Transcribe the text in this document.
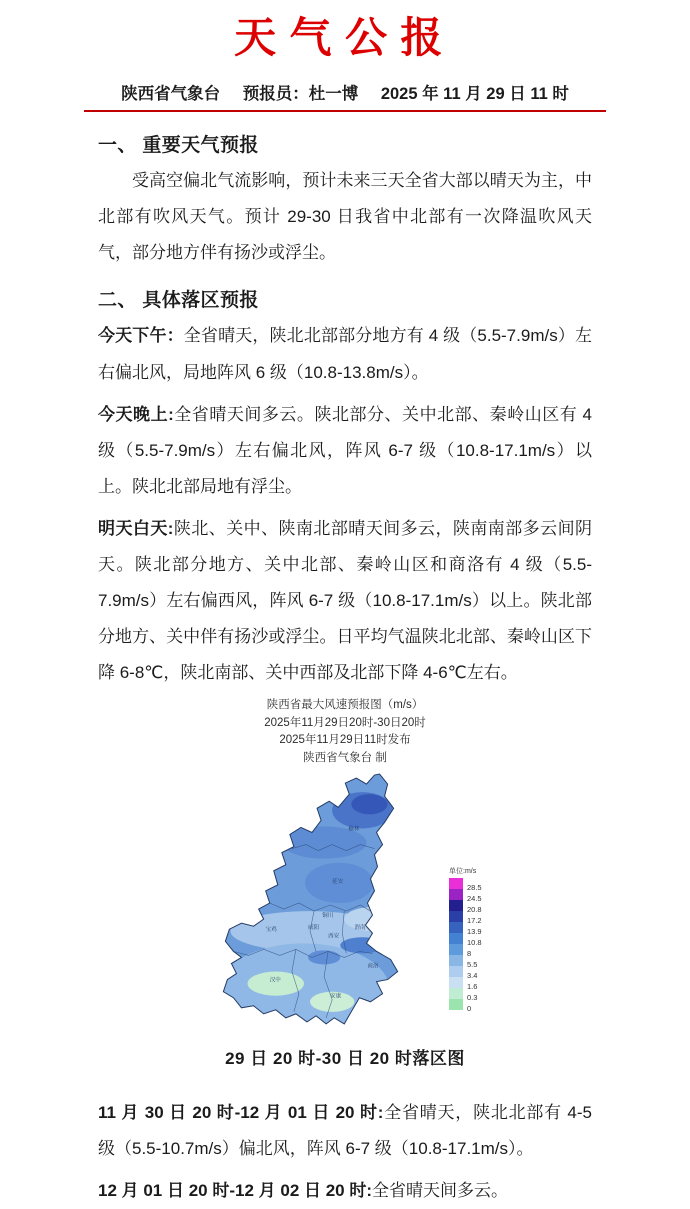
天气公报
陕西省气象台 预报员：杜一博 2025 年 11 月 29 日 11 时
一、 重要天气预报

受高空偏北气流影响，预计未来三天全省大部以晴天为主，中北部有吹风天气。预计 29-30 日我省中北部有一次降温吹风天气，部分地方伴有扬沙或浮尘。

二、 具体落区预报

今天下午：全省晴天，陕北北部部分地方有 4 级（5.5-7.9m/s）左右偏北风，局地阵风 6 级（10.8-13.8m/s）。

今天晚上:全省晴天间多云。陕北部分、关中北部、秦岭山区有 4 级（5.5-7.9m/s）左右偏北风，阵风 6-7 级（10.8-17.1m/s）以上。陕北北部局地有浮尘。

明天白天:陕北、关中、陕南北部晴天间多云，陕南南部多云间阴天。陕北部分地方、关中北部、秦岭山区和商洛有 4 级（5.5-7.9m/s）左右偏西风，阵风 6-7 级（10.8-17.1m/s）以上。陕北部分地方、关中伴有扬沙或浮尘。日平均气温陕北北部、秦岭山区下降 6-8℃，陕北南部、关中西部及北部下降 4-6℃左右。

陕西省最大风速预报图（m/s）
2025年11月29日20时-30日20时
2025年11月29日11时发布
陕西省气象台 制
榆林
延安
铜川
渭南
西安
咸阳
宝鸡
汉中
安康
商洛
单位:m/s
28.5
24.5
20.8
17.2
13.9
10.8
8
5.5
3.4
1.6
0.3
0
29 日 20 时-30 日 20 时落区图

11 月 30 日 20 时-12 月 01 日 20 时:全省晴天，陕北北部有 4-5 级（5.5-10.7m/s）偏北风，阵风 6-7 级（10.8-17.1m/s）。

12 月 01 日 20 时-12 月 02 日 20 时:全省晴天间多云。
